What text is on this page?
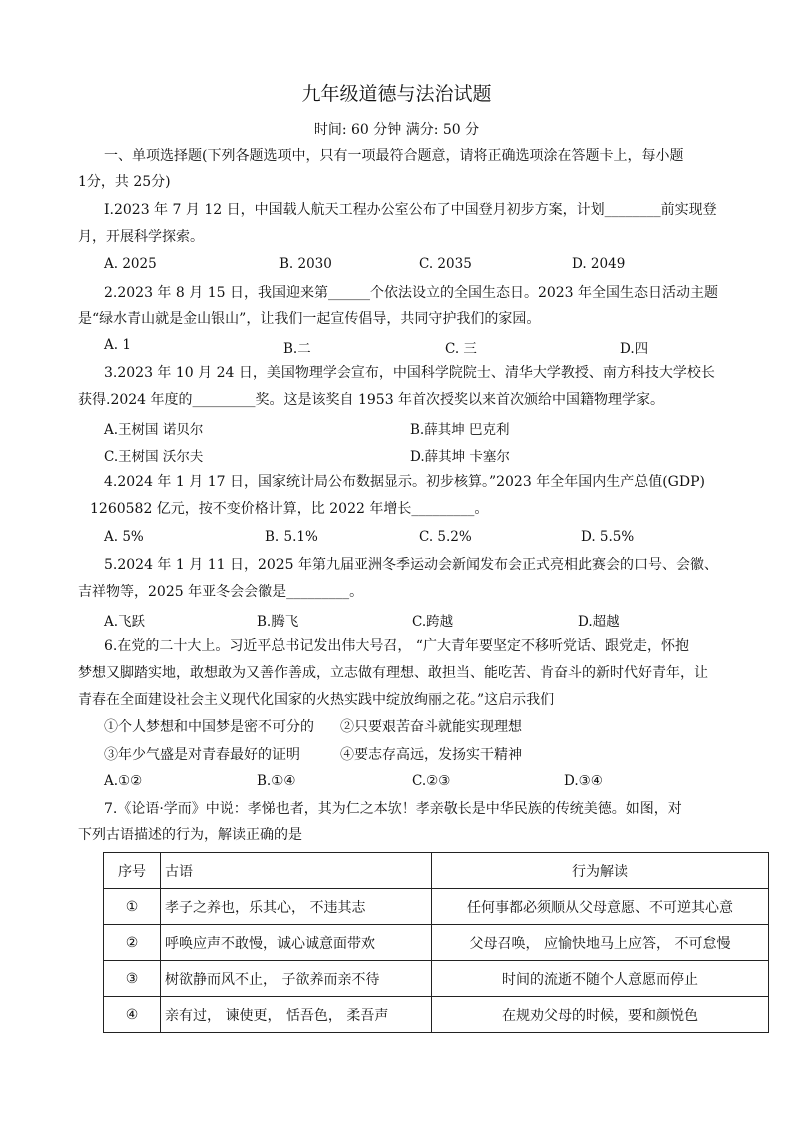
九年级道德与法治试题
时间: 60 分钟 满分: 50 分
一、单项选择题(下列各题选项中，只有一项最符合题意，请将正确选项涂在答题卡上，每小题
1分，共 25分)
I.2023 年 7 月 12 日，中国载人航天工程办公室公布了中国登月初步方案，计划________前实现登
月，开展科学探索。
A. 2025	B. 2030	C. 2035	D. 2049
2.2023 年 8 月 15 日，我国迎来第______个依法设立的全国生态日。2023 年全国生态日活动主题
是“绿水青山就是金山银山”，让我们一起宣传倡导，共同守护我们的家园。
A. 1	B.二	C. 三	D.四
3.2023 年 10 月 24 日，美国物理学会宣布，中国科学院院士、清华大学教授、南方科技大学校长
获得.2024 年度的_________奖。这是该奖自 1953 年首次授奖以来首次颁给中国籍物理学家。
A.王树国 诺贝尔	B.薛其坤 巴克利
C.王树国 沃尔夫	D.薛其坤 卡塞尔
4.2024 年 1 月 17 日，国家统计局公布数据显示。初步核算。”2023 年全年国内生产总值(GDP)
1260582 亿元，按不变价格计算，比 2022 年增长_________。
A. 5%	B. 5.1%	C. 5.2%	D. 5.5%
5.2024 年 1 月 11 日，2025 年第九届亚洲冬季运动会新闻发布会正式亮相此赛会的口号、会徽、
吉祥物等，2025 年亚冬会会徽是_________。
A.飞跃	B.腾飞	C.跨越	D.超越
6.在党的二十大上。习近平总书记发出伟大号召， “广大青年要坚定不移听党话、跟党走，怀抱
梦想又脚踏实地，敢想敢为又善作善成，立志做有理想、敢担当、能吃苦、肯奋斗的新时代好青年，让
青春在全面建设社会主义现代化国家的火热实践中绽放绚丽之花。”这启示我们
①个人梦想和中国梦是密不可分的 ②只要艰苦奋斗就能实现理想
③年少气盛是对青春最好的证明	④要志存高远，发扬实干精神
A.①②	B.①④	C.②③	D.③④
7.《论语·学而》中说：孝悌也者，其为仁之本欤！孝亲敬长是中华民族的传统美德。如图，对
下列古语描述的行为，解读正确的是
序号	古语	行为解读
①	孝子之养也，乐其心， 不违其志	任何事都必须顺从父母意愿、不可逆其心意
②	呼唤应声不敢慢，诚心诚意面带欢	父母召唤， 应愉快地马上应答， 不可怠慢
③	树欲静而风不止， 子欲养而亲不待	时间的流逝不随个人意愿而停止
④	亲有过， 谏使更， 恬吾色， 柔吾声	在规劝父母的时候，要和颜悦色
